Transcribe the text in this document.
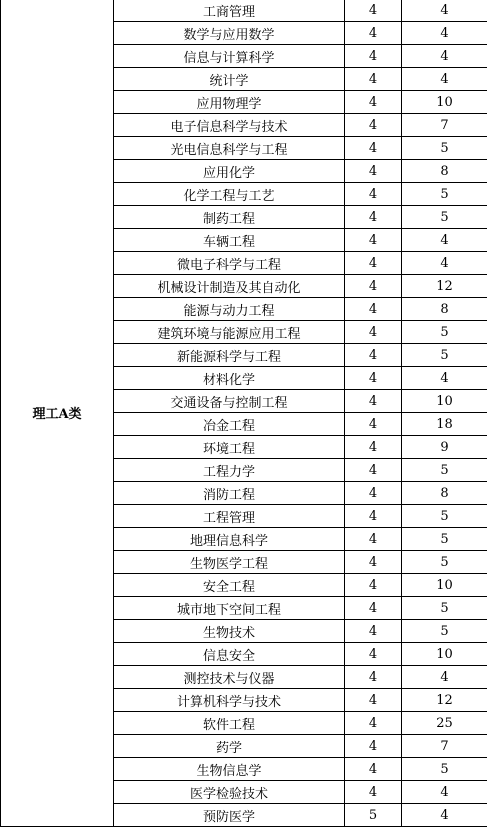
理工A类	工商管理	4	4
	数学与应用数学	4	4
	信息与计算科学	4	4
	统计学	4	4
	应用物理学	4	10
	电子信息科学与技术	4	7
	光电信息科学与工程	4	5
	应用化学	4	8
	化学工程与工艺	4	5
	制药工程	4	5
	车辆工程	4	4
	微电子科学与工程	4	4
	机械设计制造及其自动化	4	12
	能源与动力工程	4	8
	建筑环境与能源应用工程	4	5
	新能源科学与工程	4	5
	材料化学	4	4
	交通设备与控制工程	4	10
	冶金工程	4	18
	环境工程	4	9
	工程力学	4	5
	消防工程	4	8
	工程管理	4	5
	地理信息科学	4	5
	生物医学工程	4	5
	安全工程	4	10
	城市地下空间工程	4	5
	生物技术	4	5
	信息安全	4	10
	测控技术与仪器	4	4
	计算机科学与技术	4	12
	软件工程	4	25
	药学	4	7
	生物信息学	4	5
	医学检验技术	4	4
	预防医学	5	4
